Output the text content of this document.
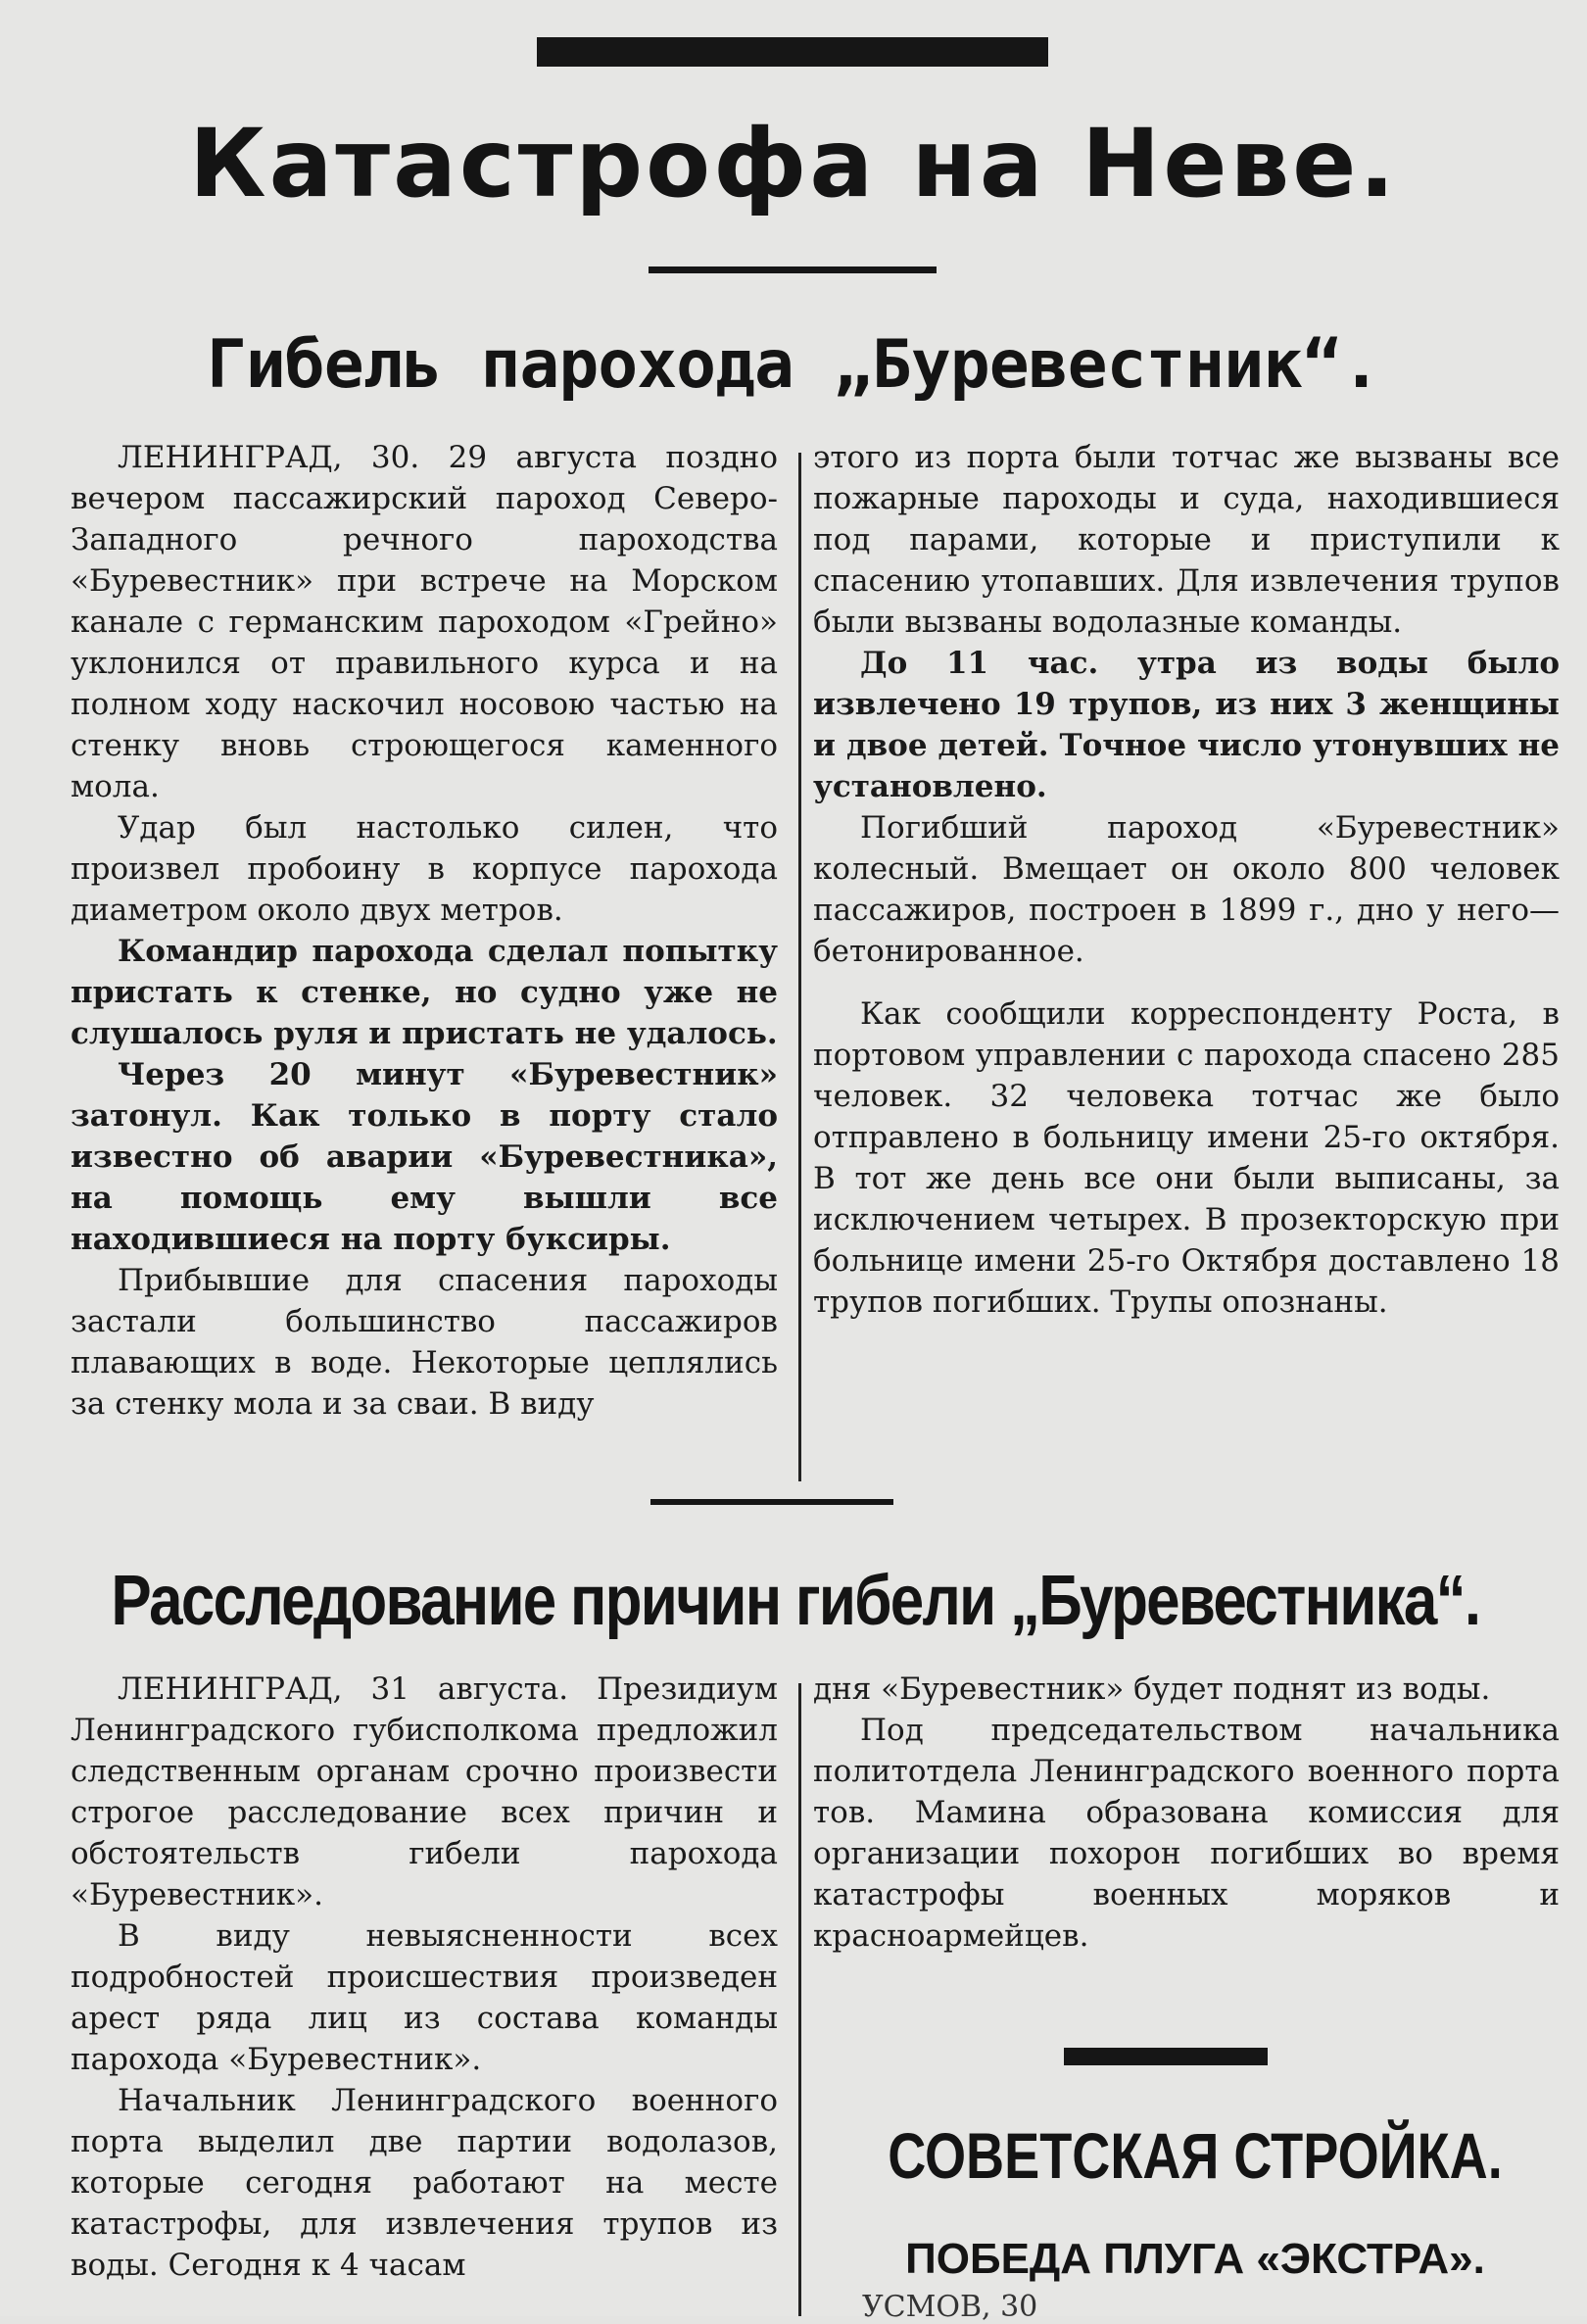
Катастрофа на Неве.
Гибель парохода „Буревестник“.

ЛЕНИНГРАД, 30. 29 августа поздно вечером пассажирский пароход Северо-Западного речного пароходства «Буревестник» при встрече на Морском канале с германским пароходом «Грейно» уклонился от правильного курса и на полном ходу наскочил носовою частью на стенку вновь строющегося каменного мола.

Удар был настолько силен, что произвел пробоину в корпусе парохода диаметром около двух метров.

Командир парохода сделал попытку пристать к стенке, но судно уже не слушалось руля и пристать не удалось.

Через 20 минут «Буревестник» затонул. Как только в порту стало известно об аварии «Буревестника», на помощь ему вышли все находившиеся на порту буксиры.

Прибывшие для спасения пароходы застали большинство пассажиров плавающих в воде. Некоторые цеплялись за стенку мола и за сваи. В виду

этого из порта были тотчас же вызваны все пожарные пароходы и суда, находившиеся под парами, которые и приступили к спасению утопавших. Для извлечения трупов были вызваны водолазные команды.

До 11 час. утра из воды было извлечено 19 трупов, из них 3 женщины и двое детей. Точное число утонувших не установлено.

Погибший пароход «Буревестник» колесный. Вмещает он около 800 человек пассажиров, построен в 1899 г., дно у него—бетонированное.

Как сообщили корреспонденту Роста, в портовом управлении с парохода спасено 285 человек. 32 человека тотчас же было отправлено в больницу имени 25-го октября. В тот же день все они были выписаны, за исключением четырех. В прозекторскую при больнице имени 25-го Октября доставлено 18 трупов погибших. Трупы опознаны.

Расследование причин гибели „Буревестника“.

ЛЕНИНГРАД, 31 августа. Президиум Ленинградского губисполкома предложил следственным органам срочно произвести строгое расследование всех причин и обстоятельств гибели парохода «Буревестник».

В виду невыясненности всех подробностей происшествия произведен арест ряда лиц из состава команды парохода «Буревестник».

Начальник Ленинградского военного порта выделил две партии водолазов, которые сегодня работают на месте катастрофы, для извлечения трупов из воды. Сегодня к 4 часам

дня «Буревестник» будет поднят из воды.

Под председательством начальника политотдела Ленинградского военного порта тов. Мамина образована комиссия для организации похорон погибших во время катастрофы военных моряков и красноармейцев.

СОВЕТСКАЯ СТРОЙКА.
ПОБЕДА ПЛУГА «ЭКСТРА».
УСМОВ, 30
